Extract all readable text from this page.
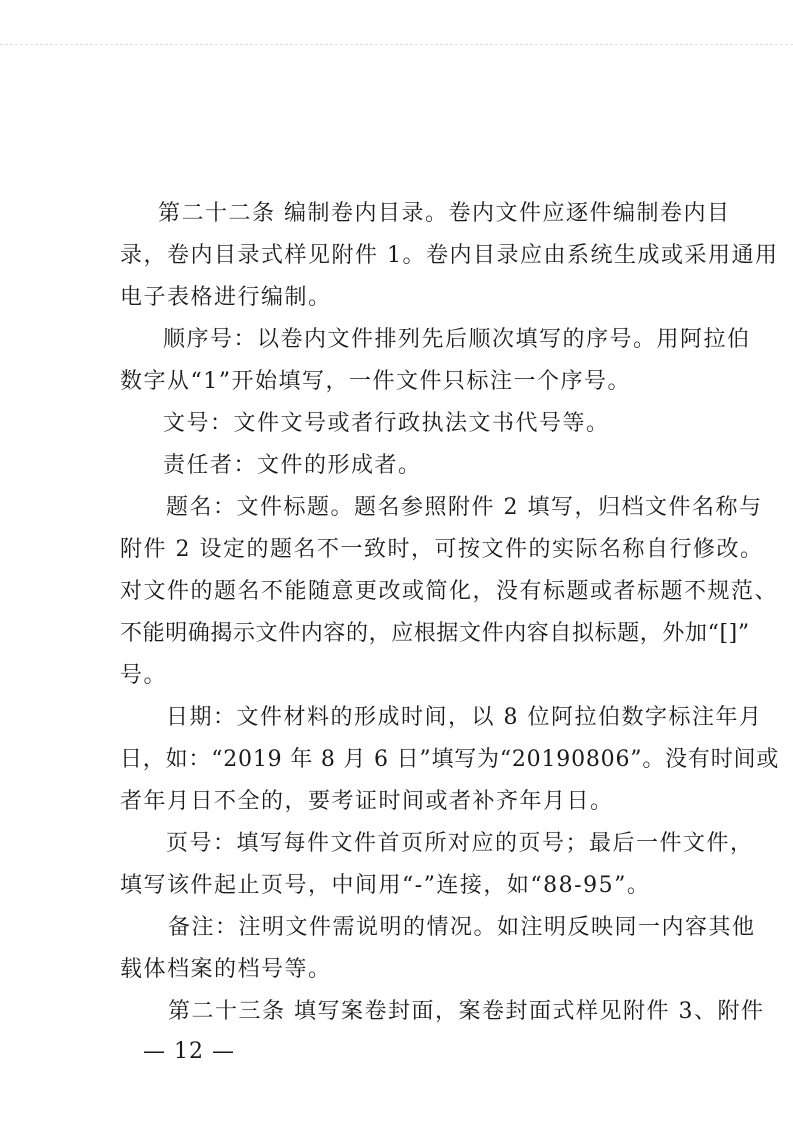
第二十二条 编制卷内目录。卷内文件应逐件编制卷内目
录，卷内目录式样见附件 1。卷内目录应由系统生成或采用通用
电子表格进行编制。
顺序号：以卷内文件排列先后顺次填写的序号。用阿拉伯
数字从“1”开始填写，一件文件只标注一个序号。
文号：文件文号或者行政执法文书代号等。
责任者：文件的形成者。
题名：文件标题。题名参照附件 2 填写，归档文件名称与
附件 2 设定的题名不一致时，可按文件的实际名称自行修改。
对文件的题名不能随意更改或简化，没有标题或者标题不规范、
不能明确揭示文件内容的，应根据文件内容自拟标题，外加“[]”
号。
日期：文件材料的形成时间，以 8 位阿拉伯数字标注年月
日，如：“2019 年 8 月 6 日”填写为“20190806”。没有时间或
者年月日不全的，要考证时间或者补齐年月日。
页号：填写每件文件首页所对应的页号；最后一件文件，
填写该件起止页号，中间用“-”连接，如“88-95”。
备注：注明文件需说明的情况。如注明反映同一内容其他
载体档案的档号等。
第二十三条 填写案卷封面，案卷封面式样见附件 3、附件
— 12 —
